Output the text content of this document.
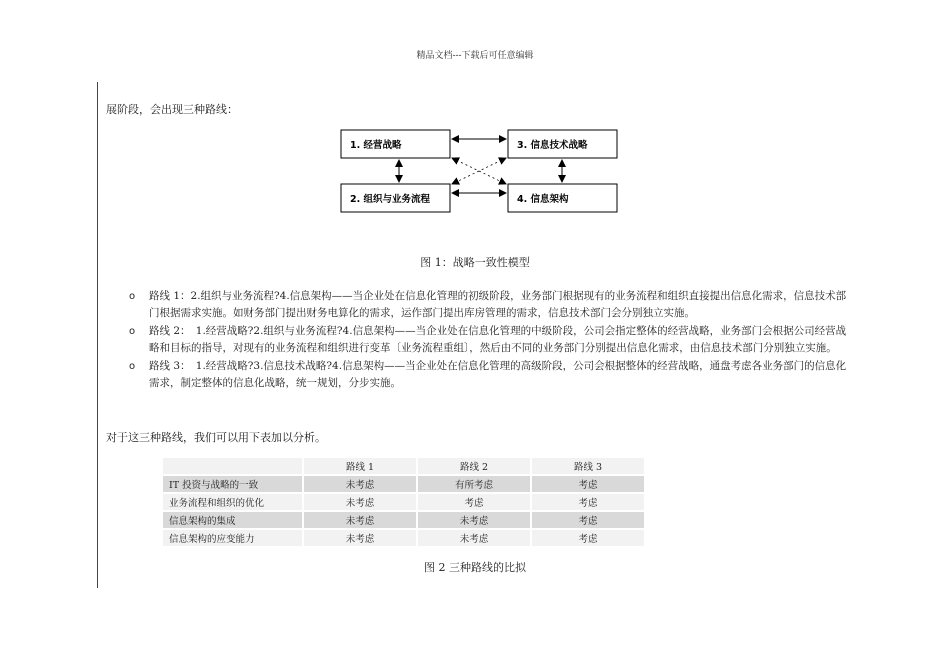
精品文档---下载后可任意编辑
展阶段，会出现三种路线：
1. 经营战略	3. 信息技术战略
2. 组织与业务流程	4. 信息架构
图 1：战略一致性模型
o 路线 1：2.组织与业务流程?4.信息架构——当企业处在信息化管理的初级阶段，业务部门根据现有的业务流程和组织直接提出信息化需求，信息技术部门根据需求实施。如财务部门提出财务电算化的需求，运作部门提出库房管理的需求，信息技术部门会分别独立实施。
o 路线 2：　1.经营战略?2.组织与业务流程?4.信息架构——当企业处在信息化管理的中级阶段，公司会指定整体的经营战略，业务部门会根据公司经营战略和目标的指导，对现有的业务流程和组织进行变革〔业务流程重组〕，然后由不同的业务部门分别提出信息化需求，由信息技术部门分别独立实施。
o 路线 3：　1.经营战略?3.信息技术战略?4.信息架构——当企业处在信息化管理的高级阶段，公司会根据整体的经营战略，通盘考虑各业务部门的信息化需求，制定整体的信息化战略，统一规划，分步实施。
对于这三种路线，我们可以用下表加以分析。
	路线 1	路线 2	路线 3
IT 投资与战略的一致	未考虑	有所考虑	考虑
业务流程和组织的优化	未考虑	考虑	考虑
信息架构的集成	未考虑	未考虑	考虑
信息架构的应变能力	未考虑	未考虑	考虑
图 2 三种路线的比拟
